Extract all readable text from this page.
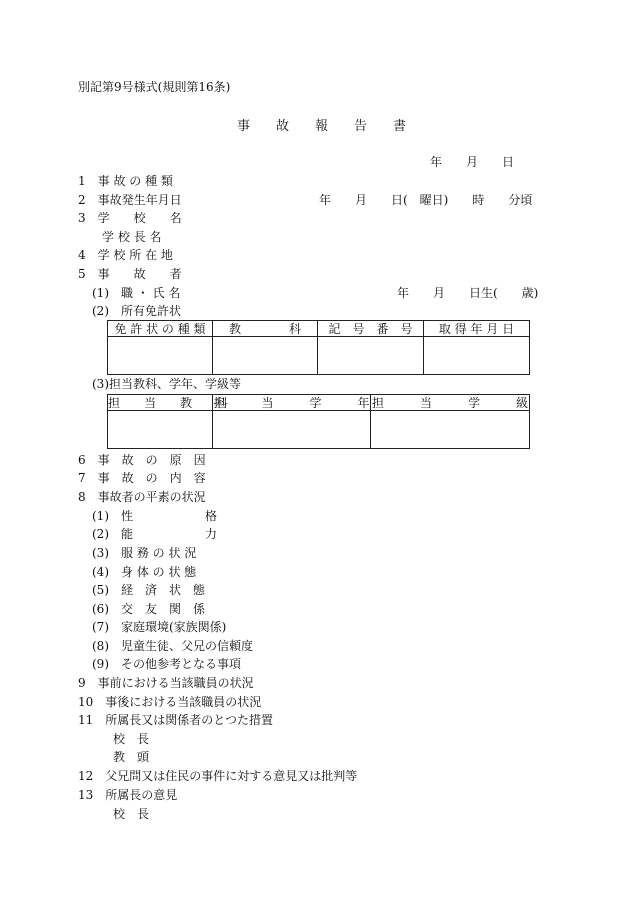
別記第9号様式(規則第16条)
事　　故　　報　　告　　書
年　　月　　日
1　事 故 の 種 類
2　事故発生年月日	年　　月　　日(　曜日)　　時　　分頃
3　学　　校　　名
学 校 長 名
4　学 校 所 在 地
5　事　　故　　者
(1)　職 ・ 氏 名	年　　月　　日生(　　歳)
(2)　所有免許状
免 許 状 の 種 類	教　　　　科	記　号　番　号	取 得 年 月 日

(3)担当教科、学年、学級等
担　　当　　教　　科	担　　　当　　　学　　　年	担　　　当　　　学　　　級

6　事　故　の　原　因
7　事　故　の　内　容
8　事故者の平素の状況
(1)　性　　　　　　格
(2)　能　　　　　　力
(3)　服 務 の 状 況
(4)　身 体 の 状 態
(5)　経　済　状　態
(6)　交　友　関　係
(7)　家庭環境(家族関係)
(8)　児童生徒、父兄の信頼度
(9)　その他参考となる事項
9　事前における当該職員の状況
10　事後における当該職員の状況
11　所属長又は関係者のとつた措置
校　長
教　頭
12　父兄問又は住民の事件に対する意見又は批判等
13　所属長の意見
校　長
